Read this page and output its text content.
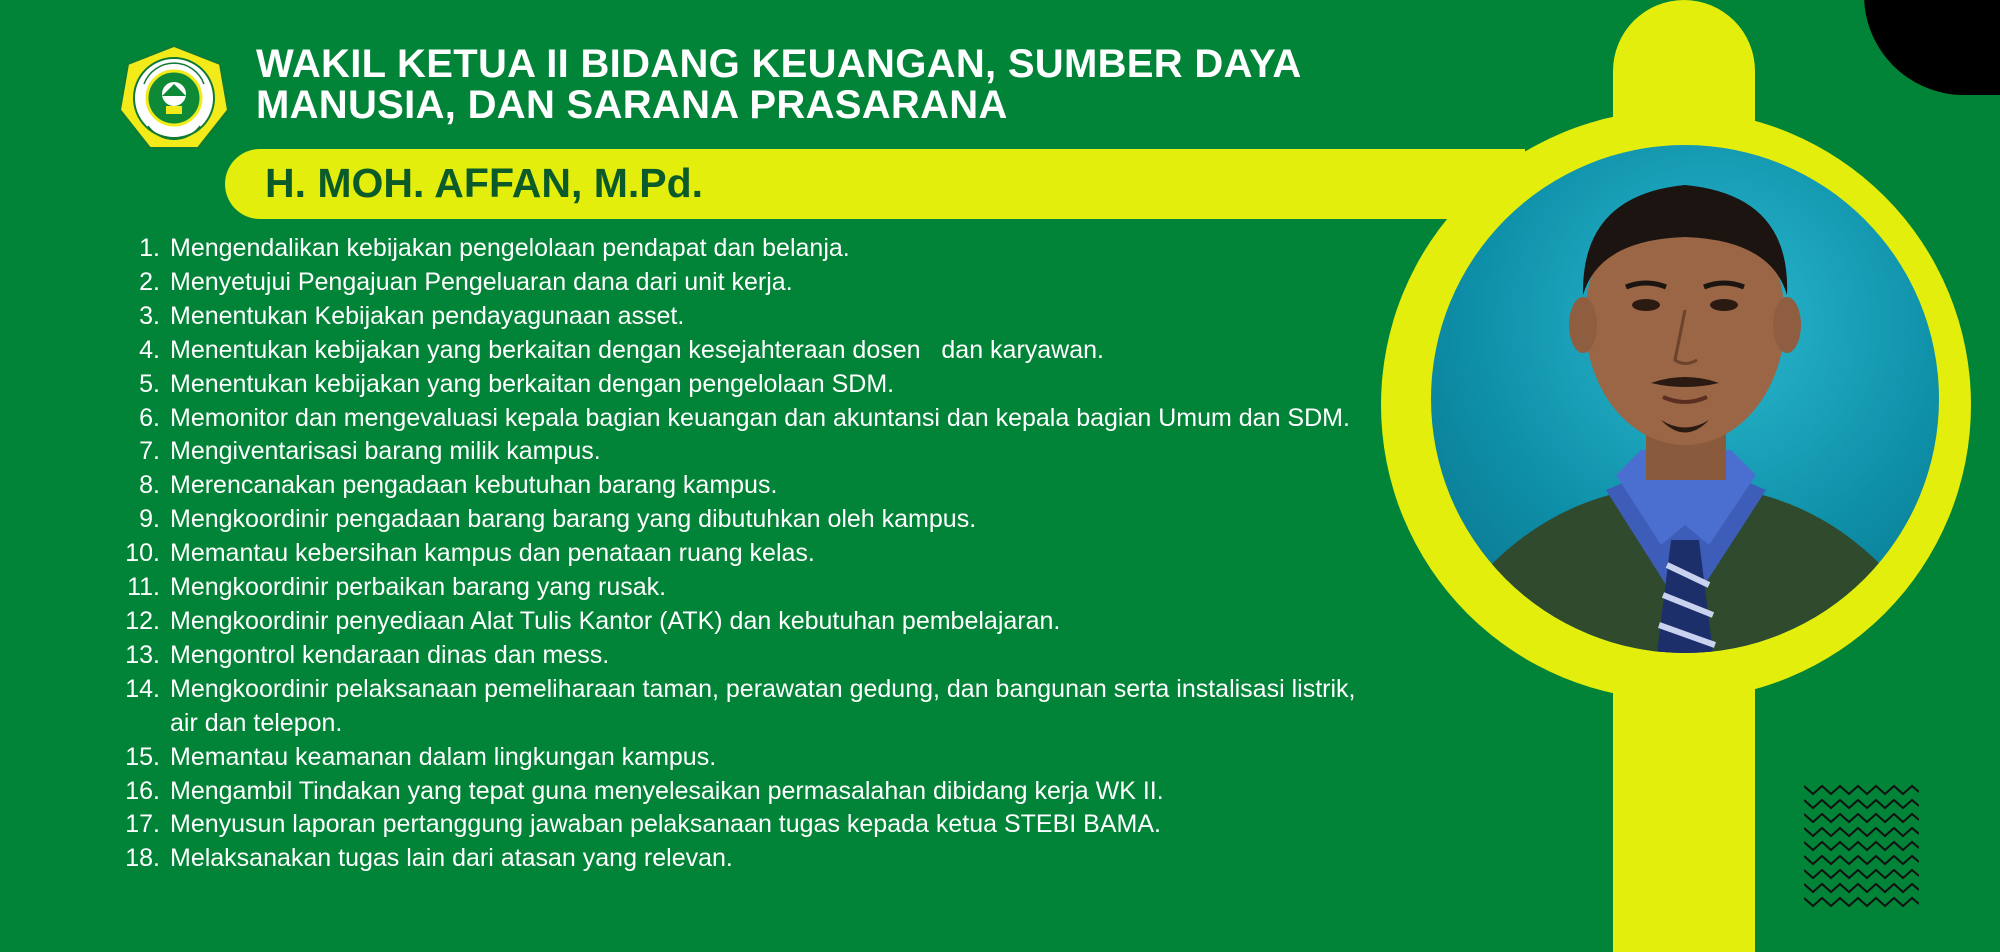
WAKIL KETUA II BIDANG KEUANGAN, SUMBER DAYA
MANUSIA, DAN SARANA PRASARANA
H. MOH. AFFAN, M.Pd.
1. Mengendalikan kebijakan pengelolaan pendapat dan belanja.
2. Menyetujui Pengajuan Pengeluaran dana dari unit kerja.
3. Menentukan Kebijakan pendayagunaan asset.
4. Menentukan kebijakan yang berkaitan dengan kesejahteraan dosen   dan karyawan.
5. Menentukan kebijakan yang berkaitan dengan pengelolaan SDM.
6. Memonitor dan mengevaluasi kepala bagian keuangan dan akuntansi dan kepala bagian Umum dan SDM.
7. Mengiventarisasi barang milik kampus.
8. Merencanakan pengadaan kebutuhan barang kampus.
9. Mengkoordinir pengadaan barang barang yang dibutuhkan oleh kampus.
10. Memantau kebersihan kampus dan penataan ruang kelas.
11. Mengkoordinir perbaikan barang yang rusak.
12. Mengkoordinir penyediaan Alat Tulis Kantor (ATK) dan kebutuhan pembelajaran.
13. Mengontrol kendaraan dinas dan mess.
14. Mengkoordinir pelaksanaan pemeliharaan taman, perawatan gedung, dan bangunan serta instalisasi listrik, air dan telepon.
15. Memantau keamanan dalam lingkungan kampus.
16. Mengambil Tindakan yang tepat guna menyelesaikan permasalahan dibidang kerja WK II.
17. Menyusun laporan pertanggung jawaban pelaksanaan tugas kepada ketua STEBI BAMA.
18. Melaksanakan tugas lain dari atasan yang relevan.
